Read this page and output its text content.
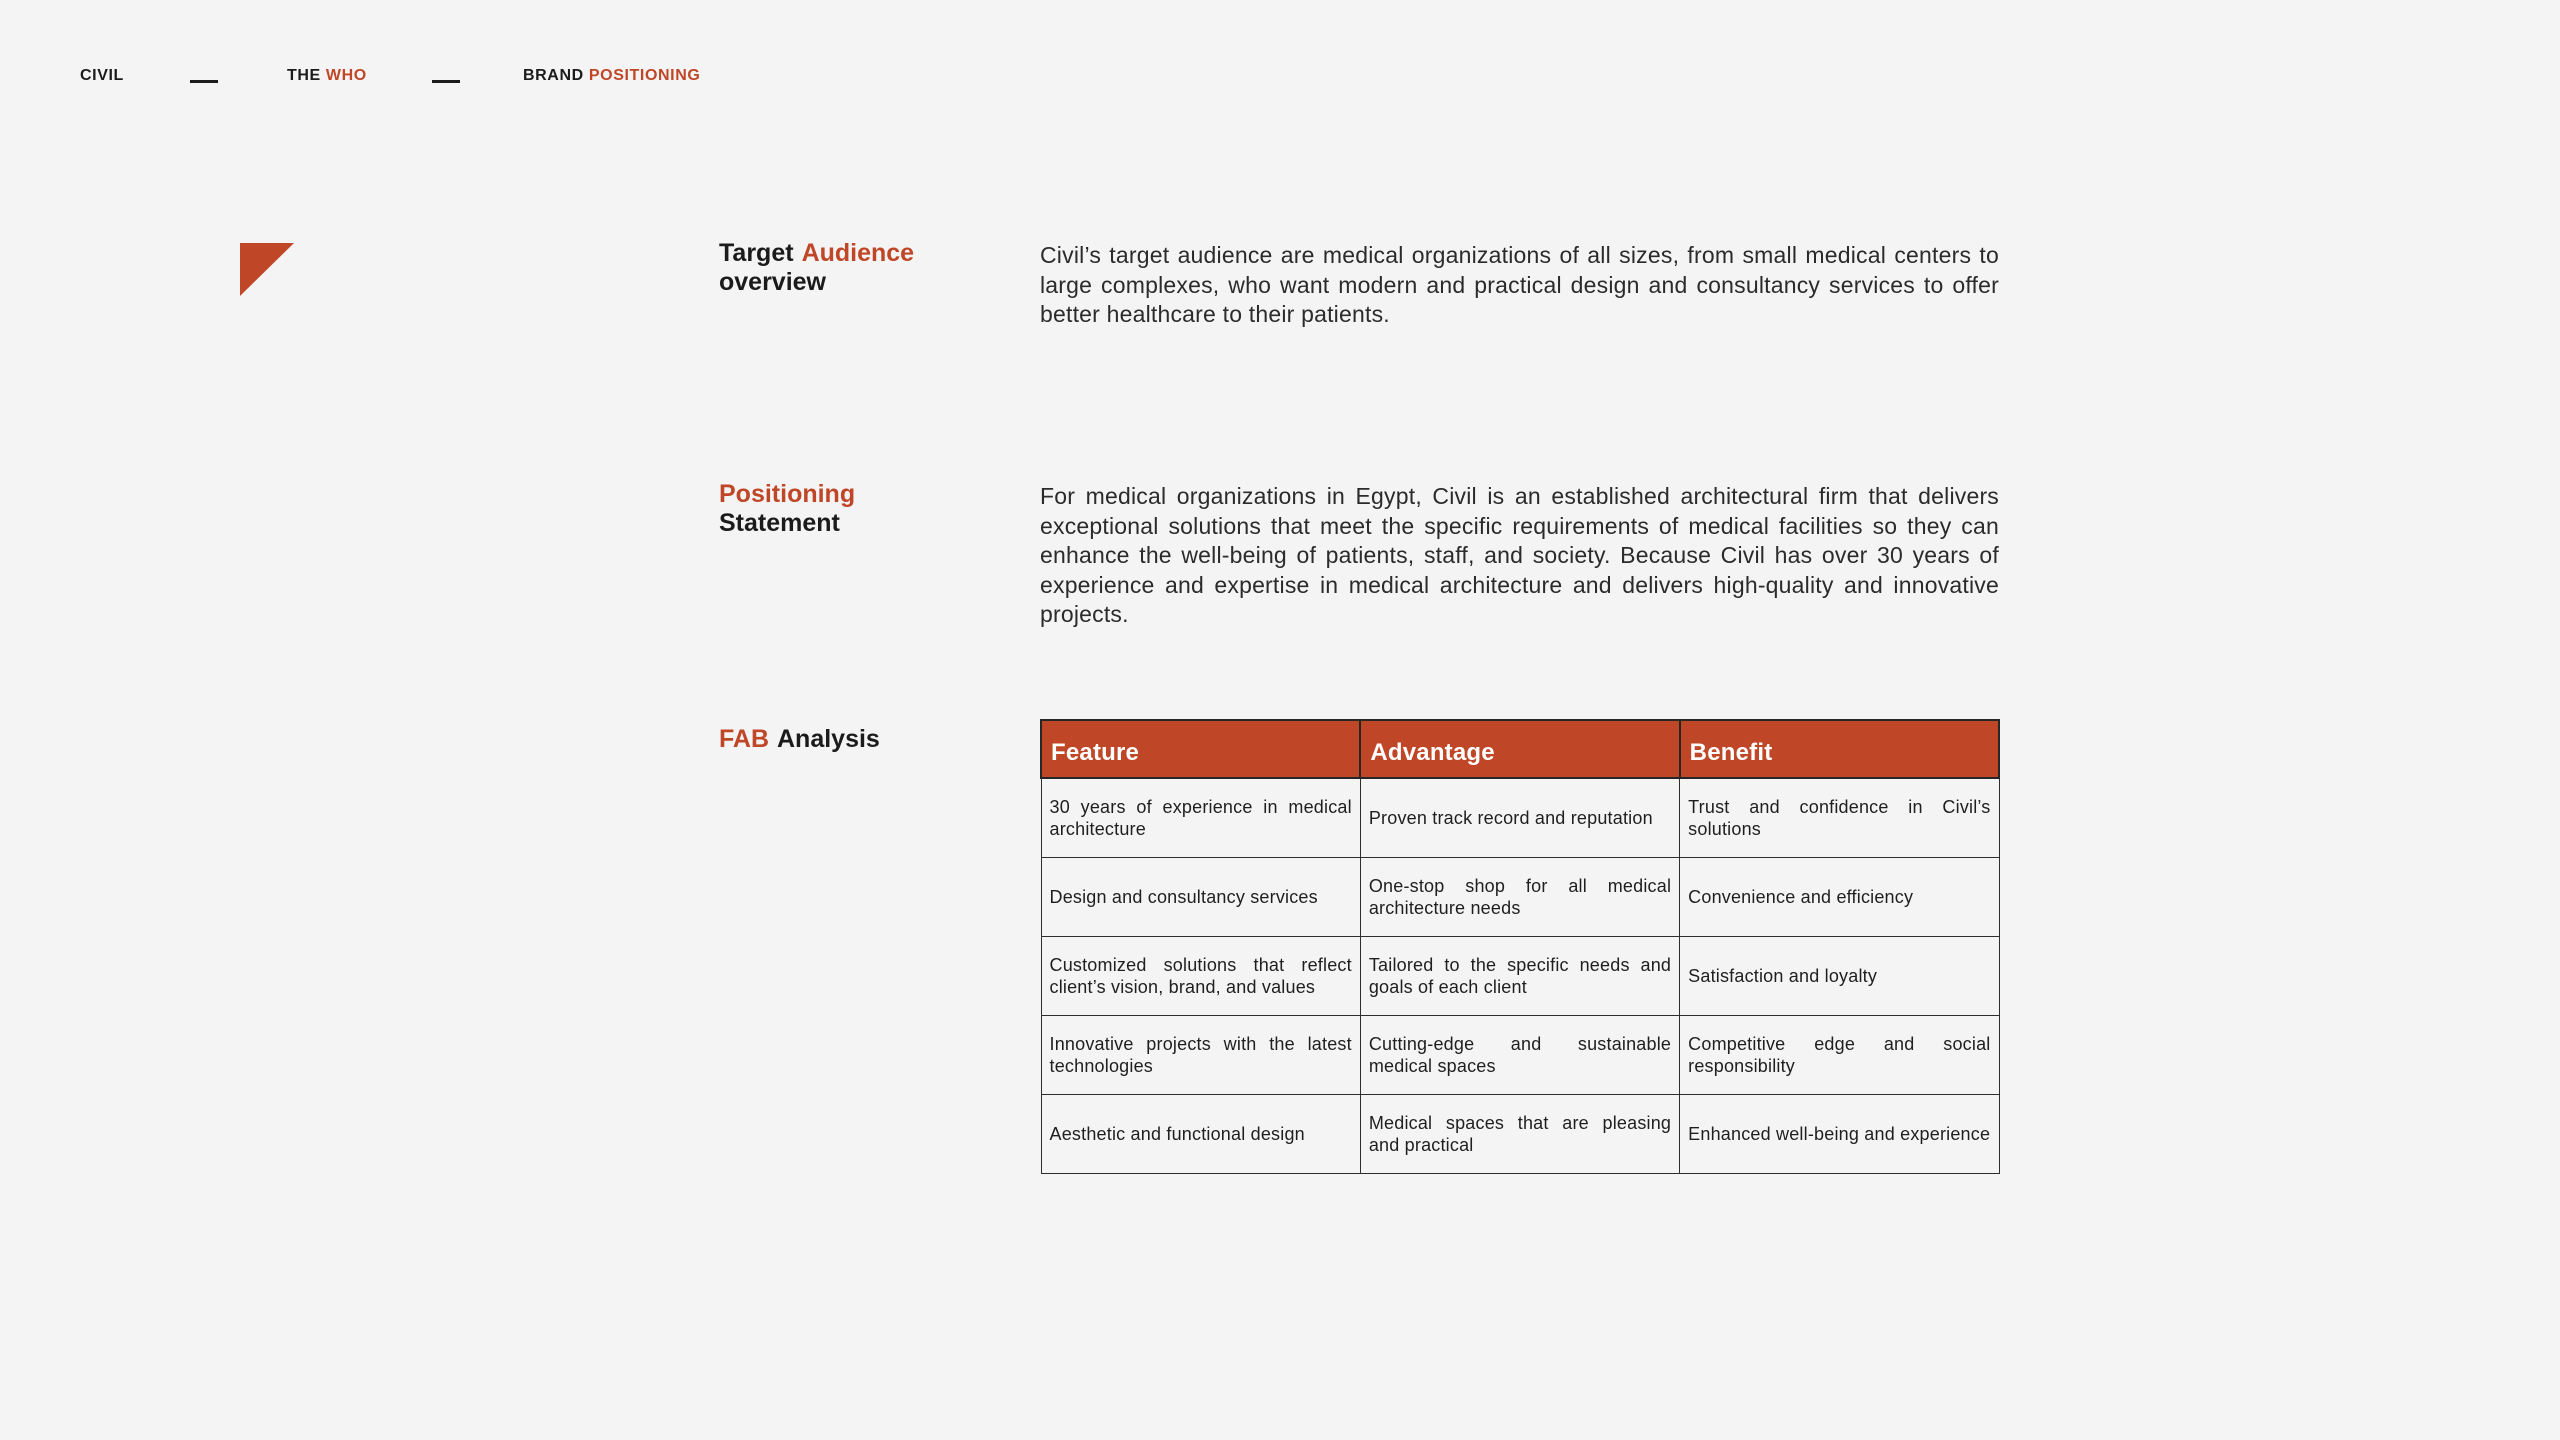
CIVIL	THE WHO	BRAND POSITIONING
Target Audience
overview

Civil’s target audience are medical organizations of all sizes, from small medical centers to large complexes, who want modern and practical design and consultancy services to offer better healthcare to their patients.

Positioning
Statement

For medical organizations in Egypt, Civil is an established architectural firm that delivers exceptional solutions that meet the specific requirements of medical facilities so they can enhance the well-being of patients, staff, and society. Because Civil has over 30 years of experience and expertise in medical architecture and delivers high-quality and innovative projects.

FAB Analysis	Feature	Advantage	Benefit
30 years of experience in medical architecture	Proven track record and reputation	Trust and confidence in Civil’s solutions
Design and consultancy services	One-stop shop for all medical architecture needs	Convenience and efficiency
Customized solutions that reflect client’s vision, brand, and values	Tailored to the specific needs and goals of each client	Satisfaction and loyalty
Innovative projects with the latest technologies	Cutting-edge and sustainable medical spaces	Competitive edge and social responsibility
Aesthetic and functional design	Medical spaces that are pleasing and practical	Enhanced well-being and experience
